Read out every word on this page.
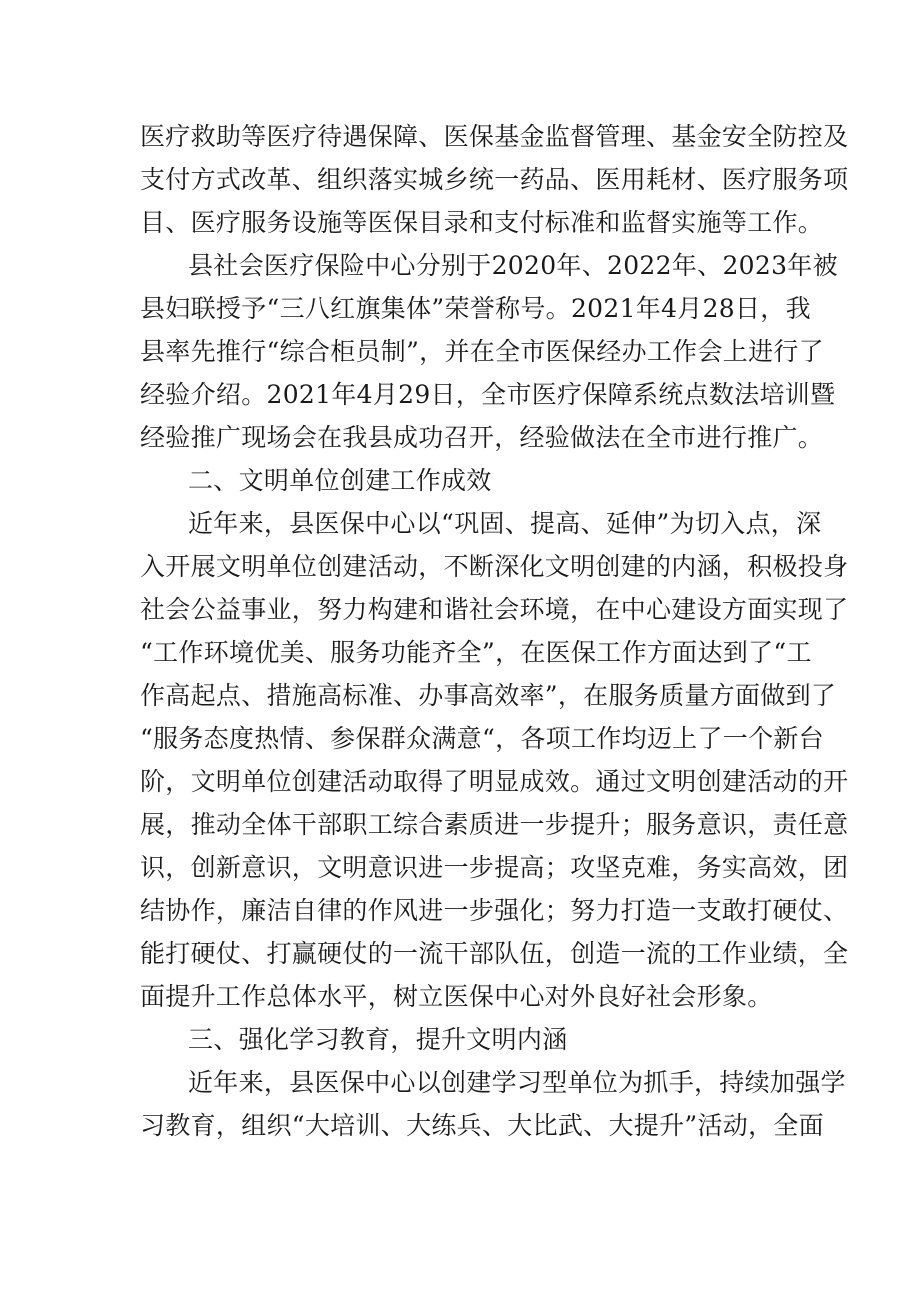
医疗救助等医疗待遇保障、医保基金监督管理、基金安全防控及
支付方式改革、组织落实城乡统一药品、医用耗材、医疗服务项
目、医疗服务设施等医保目录和支付标准和监督实施等工作。
县社会医疗保险中心分别于2020年、2022年、2023年被
县妇联授予“三八红旗集体”荣誉称号。2021年4月28日，我
县率先推行“综合柜员制”，并在全市医保经办工作会上进行了
经验介绍。2021年4月29日，全市医疗保障系统点数法培训暨
经验推广现场会在我县成功召开，经验做法在全市进行推广。
二、文明单位创建工作成效
近年来，县医保中心以“巩固、提高、延伸”为切入点，深
入开展文明单位创建活动，不断深化文明创建的内涵，积极投身
社会公益事业，努力构建和谐社会环境，在中心建设方面实现了
“工作环境优美、服务功能齐全”，在医保工作方面达到了“工
作高起点、措施高标准、办事高效率”，在服务质量方面做到了
“服务态度热情、参保群众满意“，各项工作均迈上了一个新台
阶，文明单位创建活动取得了明显成效。通过文明创建活动的开
展，推动全体干部职工综合素质进一步提升；服务意识，责任意
识，创新意识，文明意识进一步提高；攻坚克难，务实高效，团
结协作，廉洁自律的作风进一步强化；努力打造一支敢打硬仗、
能打硬仗、打赢硬仗的一流干部队伍，创造一流的工作业绩，全
面提升工作总体水平，树立医保中心对外良好社会形象。
三、强化学习教育，提升文明内涵
近年来，县医保中心以创建学习型单位为抓手，持续加强学
习教育，组织“大培训、大练兵、大比武、大提升”活动，全面
